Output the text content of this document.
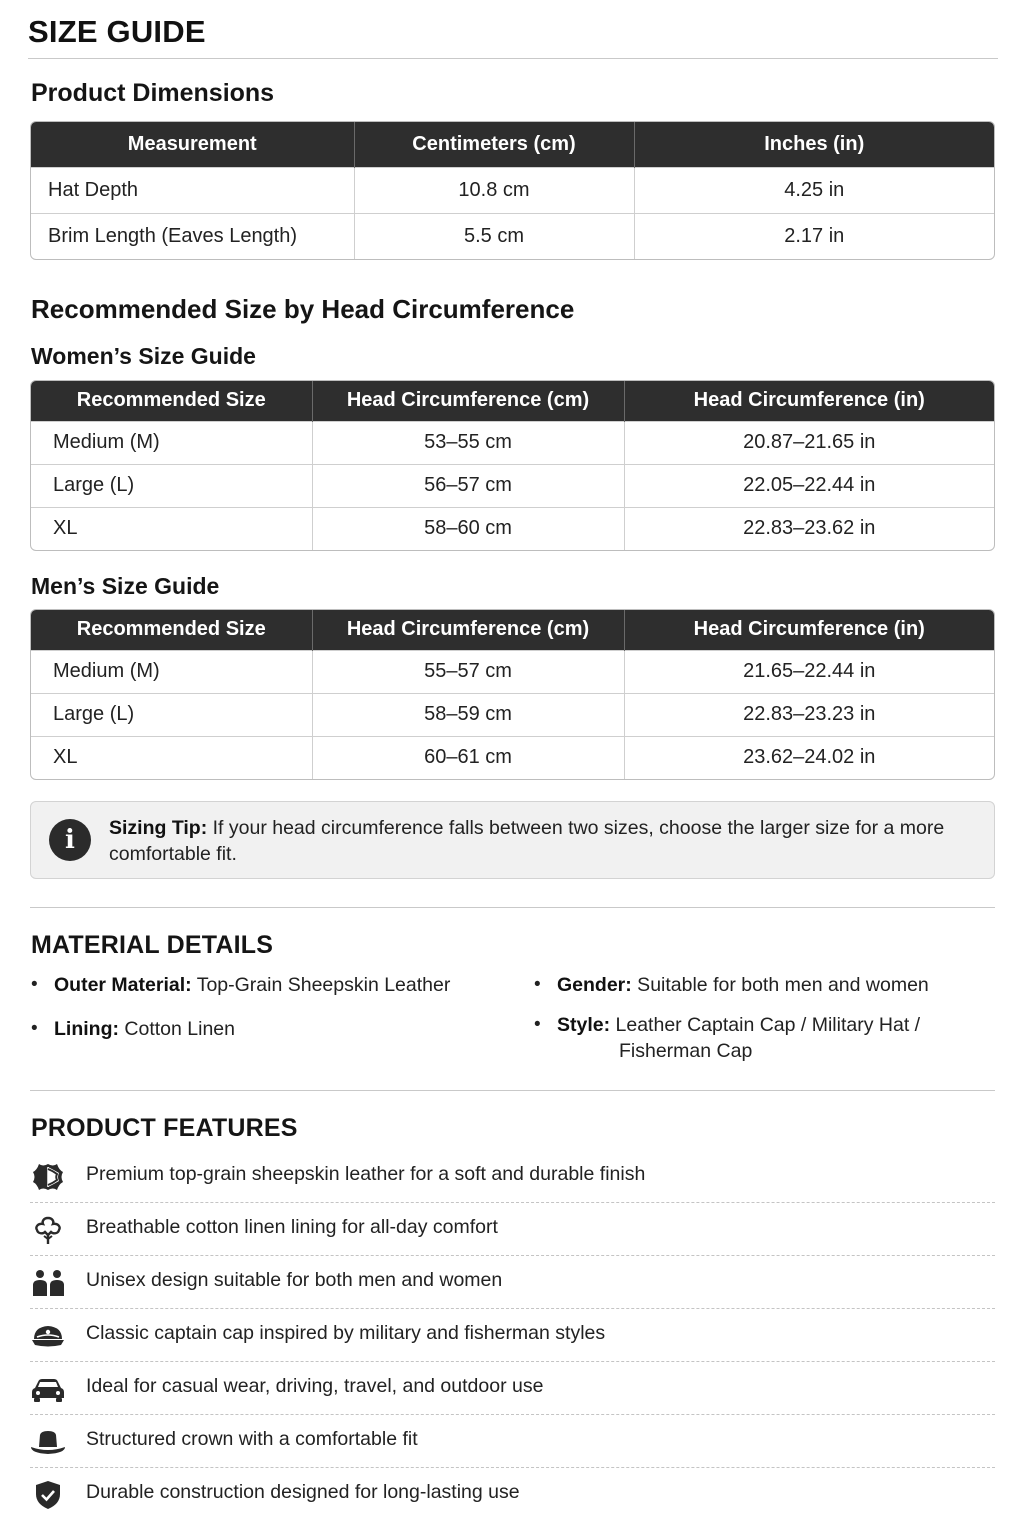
SIZE GUIDE
Product Dimensions
Measurement	Centimeters (cm)	Inches (in)
Hat Depth	10.8 cm	4.25 in
Brim Length (Eaves Length)	5.5 cm	2.17 in
Recommended Size by Head Circumference
Women’s Size Guide
Recommended Size	Head Circumference (cm)	Head Circumference (in)
Medium (M)	53–55 cm	20.87–21.65 in
Large (L)	56–57 cm	22.05–22.44 in
XL	58–60 cm	22.83–23.62 in
Men’s Size Guide
Recommended Size	Head Circumference (cm)	Head Circumference (in)
Medium (M)	55–57 cm	21.65–22.44 in
Large (L)	58–59 cm	22.83–23.23 in
XL	60–61 cm	23.62–24.02 in
i	Sizing Tip: If your head circumference falls between two sizes, choose the larger size for a more comfortable fit.
MATERIAL DETAILS
• Outer Material: Top-Grain Sheepskin Leather
• Lining: Cotton Linen
• Gender: Suitable for both men and women
• Style: Leather Captain Cap / Military Hat /
Fisherman Cap
PRODUCT FEATURES
Premium top-grain sheepskin leather for a soft and durable finish
Breathable cotton linen lining for all-day comfort
Unisex design suitable for both men and women
Classic captain cap inspired by military and fisherman styles
Ideal for casual wear, driving, travel, and outdoor use
Structured crown with a comfortable fit
Durable construction designed for long-lasting use
